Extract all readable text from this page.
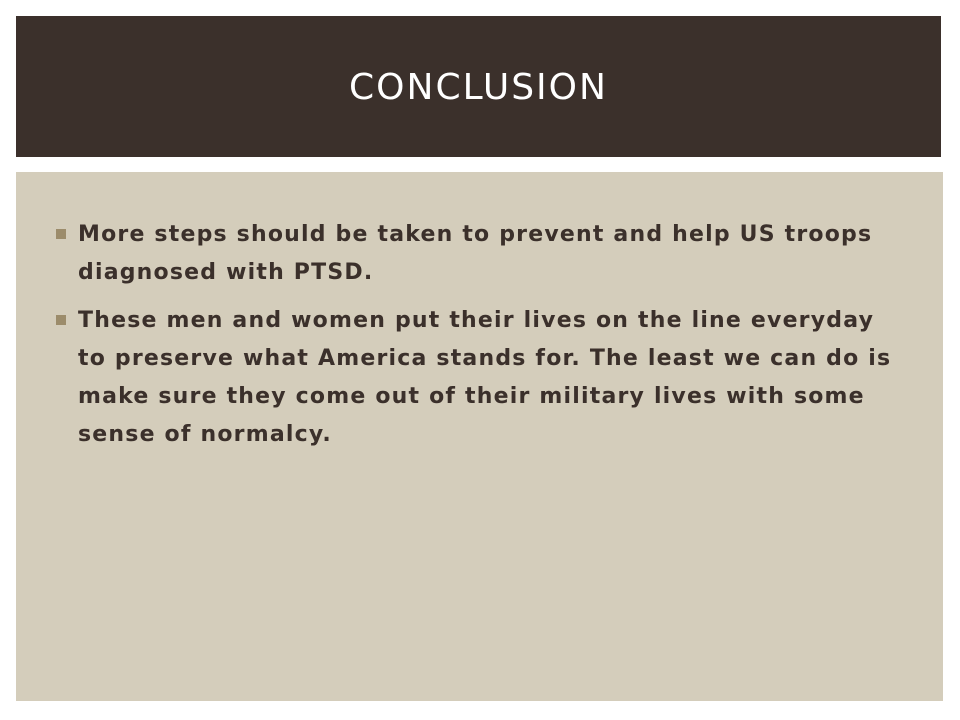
CONCLUSION
More steps should be taken to prevent and help US troops diagnosed with PTSD.
These men and women put their lives on the line everyday to preserve what America stands for. The least we can do is make sure they come out of their military lives with some sense of normalcy.
